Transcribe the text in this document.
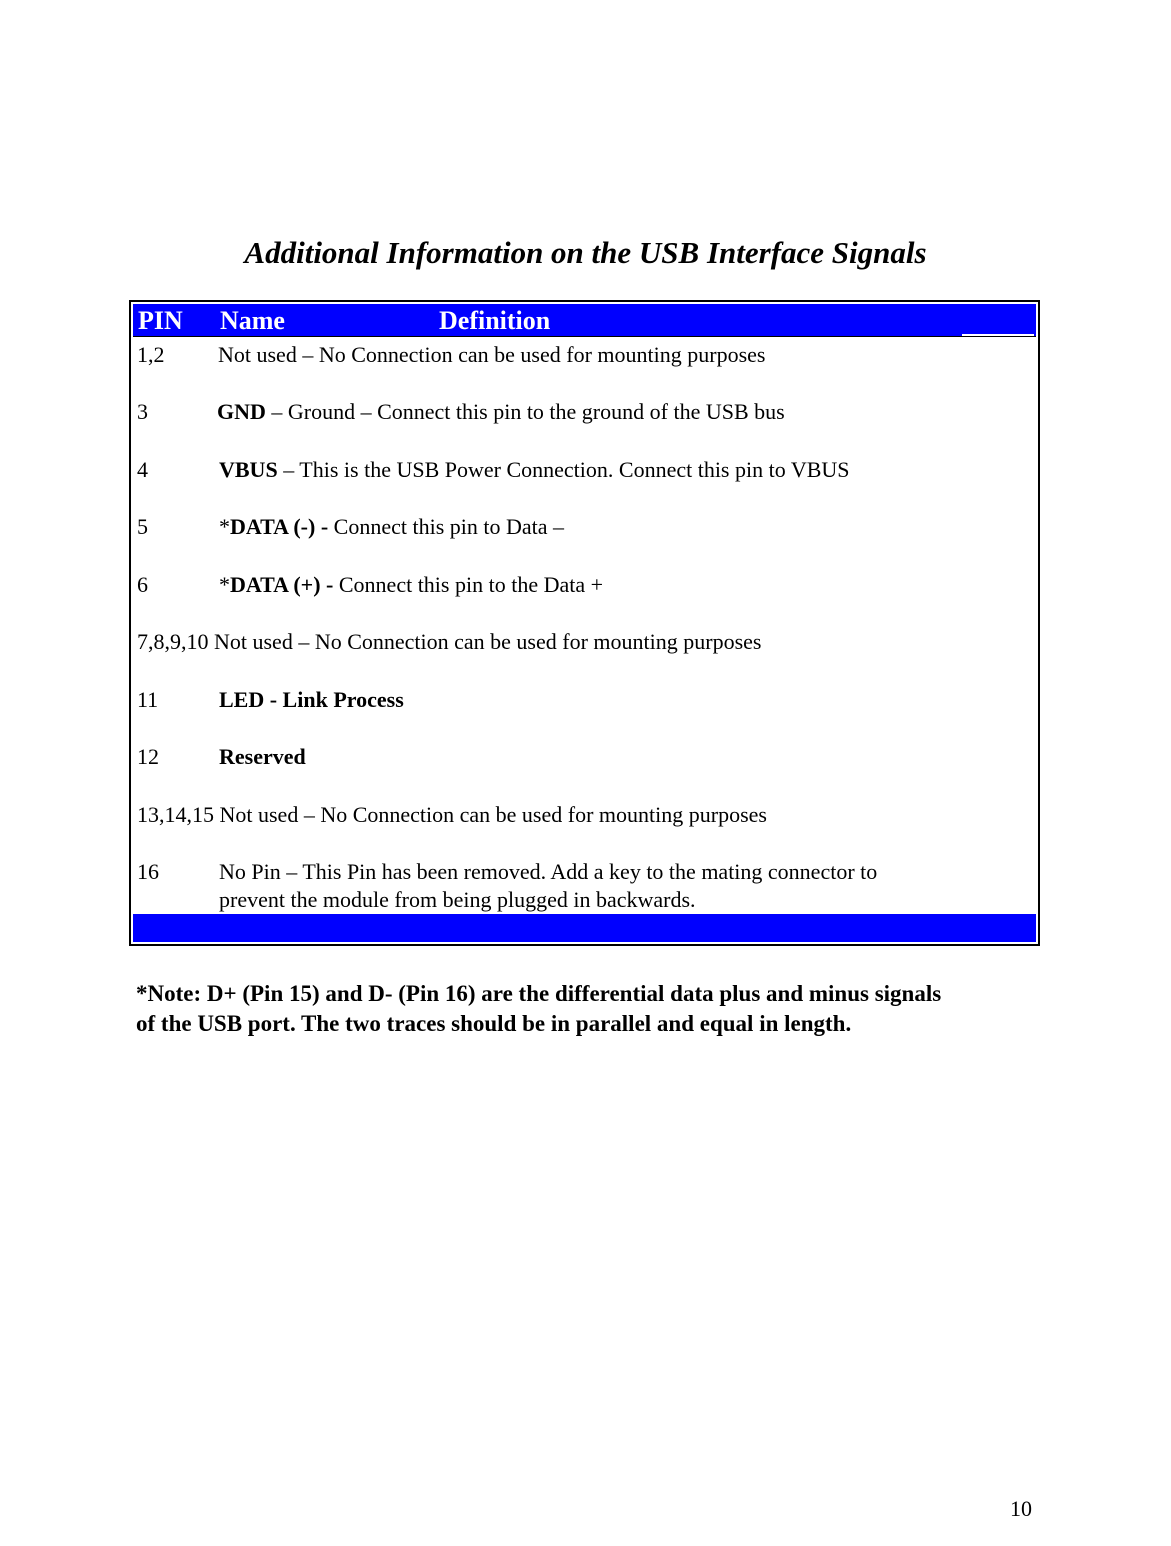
Additional Information on the USB Interface Signals
PIN Name	Definition
1,2 Not used – No Connection can be used for mounting purposes
3	GND – Ground – Connect this pin to the ground of the USB bus
4	VBUS – This is the USB Power Connection. Connect this pin to VBUS
5	*DATA (-) - Connect this pin to Data –
6	*DATA (+) - Connect this pin to the Data +
7,8,9,10 Not used – No Connection can be used for mounting purposes
11	LED - Link Process
12	Reserved
13,14,15 Not used – No Connection can be used for mounting purposes
16	No Pin – This Pin has been removed. Add a key to the mating connector to
prevent the module from being plugged in backwards.
*Note: D+ (Pin 15) and D- (Pin 16) are the differential data plus and minus signals
of the USB port. The two traces should be in parallel and equal in length.
10
